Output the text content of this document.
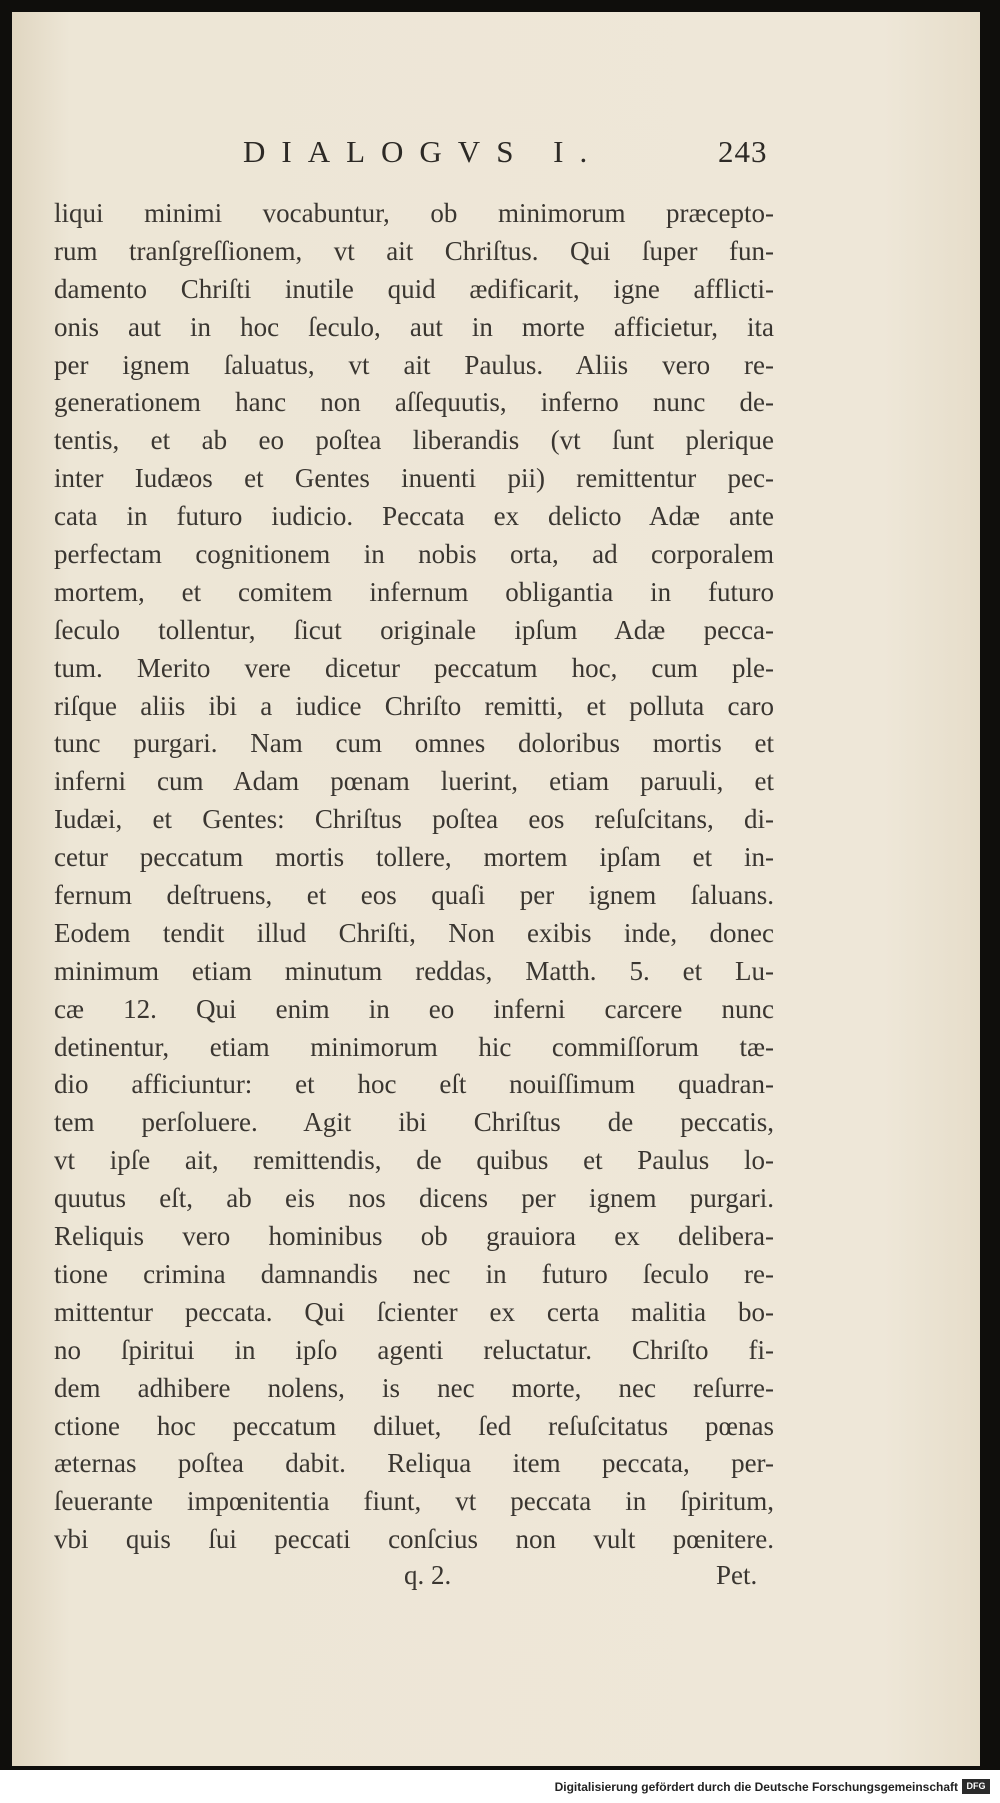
DIALOGVS I.	243
liqui minimi vocabuntur, ob minimorum præcepto-
rum tranſgreſſionem, vt ait Chriſtus. Qui ſuper fun-
damento Chriſti inutile quid ædificarit, igne afflicti-
onis aut in hoc ſeculo, aut in morte afficietur, ita
per ignem ſaluatus, vt ait Paulus. Aliis vero re-
generationem hanc non aſſequutis, inferno nunc de-
tentis, et ab eo poſtea liberandis (vt ſunt plerique
inter Iudæos et Gentes inuenti pii) remittentur pec-
cata in futuro iudicio. Peccata ex delicto Adæ ante
perfectam cognitionem in nobis orta, ad corporalem
mortem, et comitem infernum obligantia in futuro
ſeculo tollentur, ſicut originale ipſum Adæ pecca-
tum. Merito vere dicetur peccatum hoc, cum ple-
riſque aliis ibi a iudice Chriſto remitti, et polluta caro
tunc purgari. Nam cum omnes doloribus mortis et
inferni cum Adam pœnam luerint, etiam paruuli, et
Iudæi, et Gentes: Chriſtus poſtea eos reſuſcitans, di-
cetur peccatum mortis tollere, mortem ipſam et in-
fernum deſtruens, et eos quaſi per ignem ſaluans.
Eodem tendit illud Chriſti, Non exibis inde, donec
minimum etiam minutum reddas, Matth. 5. et Lu-
cæ 12. Qui enim in eo inferni carcere nunc
detinentur, etiam minimorum hic commiſſorum tæ-
dio afficiuntur: et hoc eſt nouiſſimum quadran-
tem perſoluere. Agit ibi Chriſtus de peccatis,
vt ipſe ait, remittendis, de quibus et Paulus lo-
quutus eſt, ab eis nos dicens per ignem purgari.
Reliquis vero hominibus ob grauiora ex delibera-
tione crimina damnandis nec in futuro ſeculo re-
mittentur peccata. Qui ſcienter ex certa malitia bo-
no ſpiritui in ipſo agenti reluctatur. Chriſto fi-
dem adhibere nolens, is nec morte, nec reſurre-
ctione hoc peccatum diluet, ſed reſuſcitatus pœnas
æternas poſtea dabit. Reliqua item peccata, per-
ſeuerante impœnitentia fiunt, vt peccata in ſpiritum,
vbi quis ſui peccati conſcius non vult pœnitere.
q. 2.	Pet.
Digitalisierung gefördert durch die Deutsche Forschungsgemeinschaft DFG
